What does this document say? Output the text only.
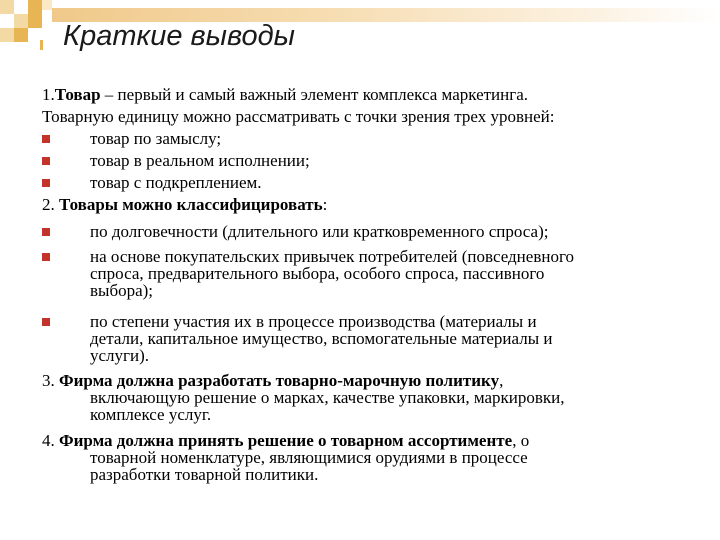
Краткие выводы
1.Товар – первый и самый важный элемент комплекса маркетинга.
Товарную единицу можно рассматривать с точки зрения трех уровней:
товар по замыслу;
товар в реальном исполнении;
товар с подкреплением.
2. Товары можно классифицировать:
по долговечности (длительного или кратковременного спроса);
на основе покупательских привычек потребителей (повседневного
спроса, предварительного выбора, особого спроса, пассивного
выбора);
по степени участия их в процессе производства (материалы и
детали, капитальное имущество, вспомогательные материалы и
услуги).
3. Фирма должна разработать товарно-марочную политику,
включающую решение о марках, качестве упаковки, маркировки,
комплексе услуг.
4. Фирма должна принять решение о товарном ассортименте, о
товарной номенклатуре, являющимися орудиями в процессе
разработки товарной политики.
